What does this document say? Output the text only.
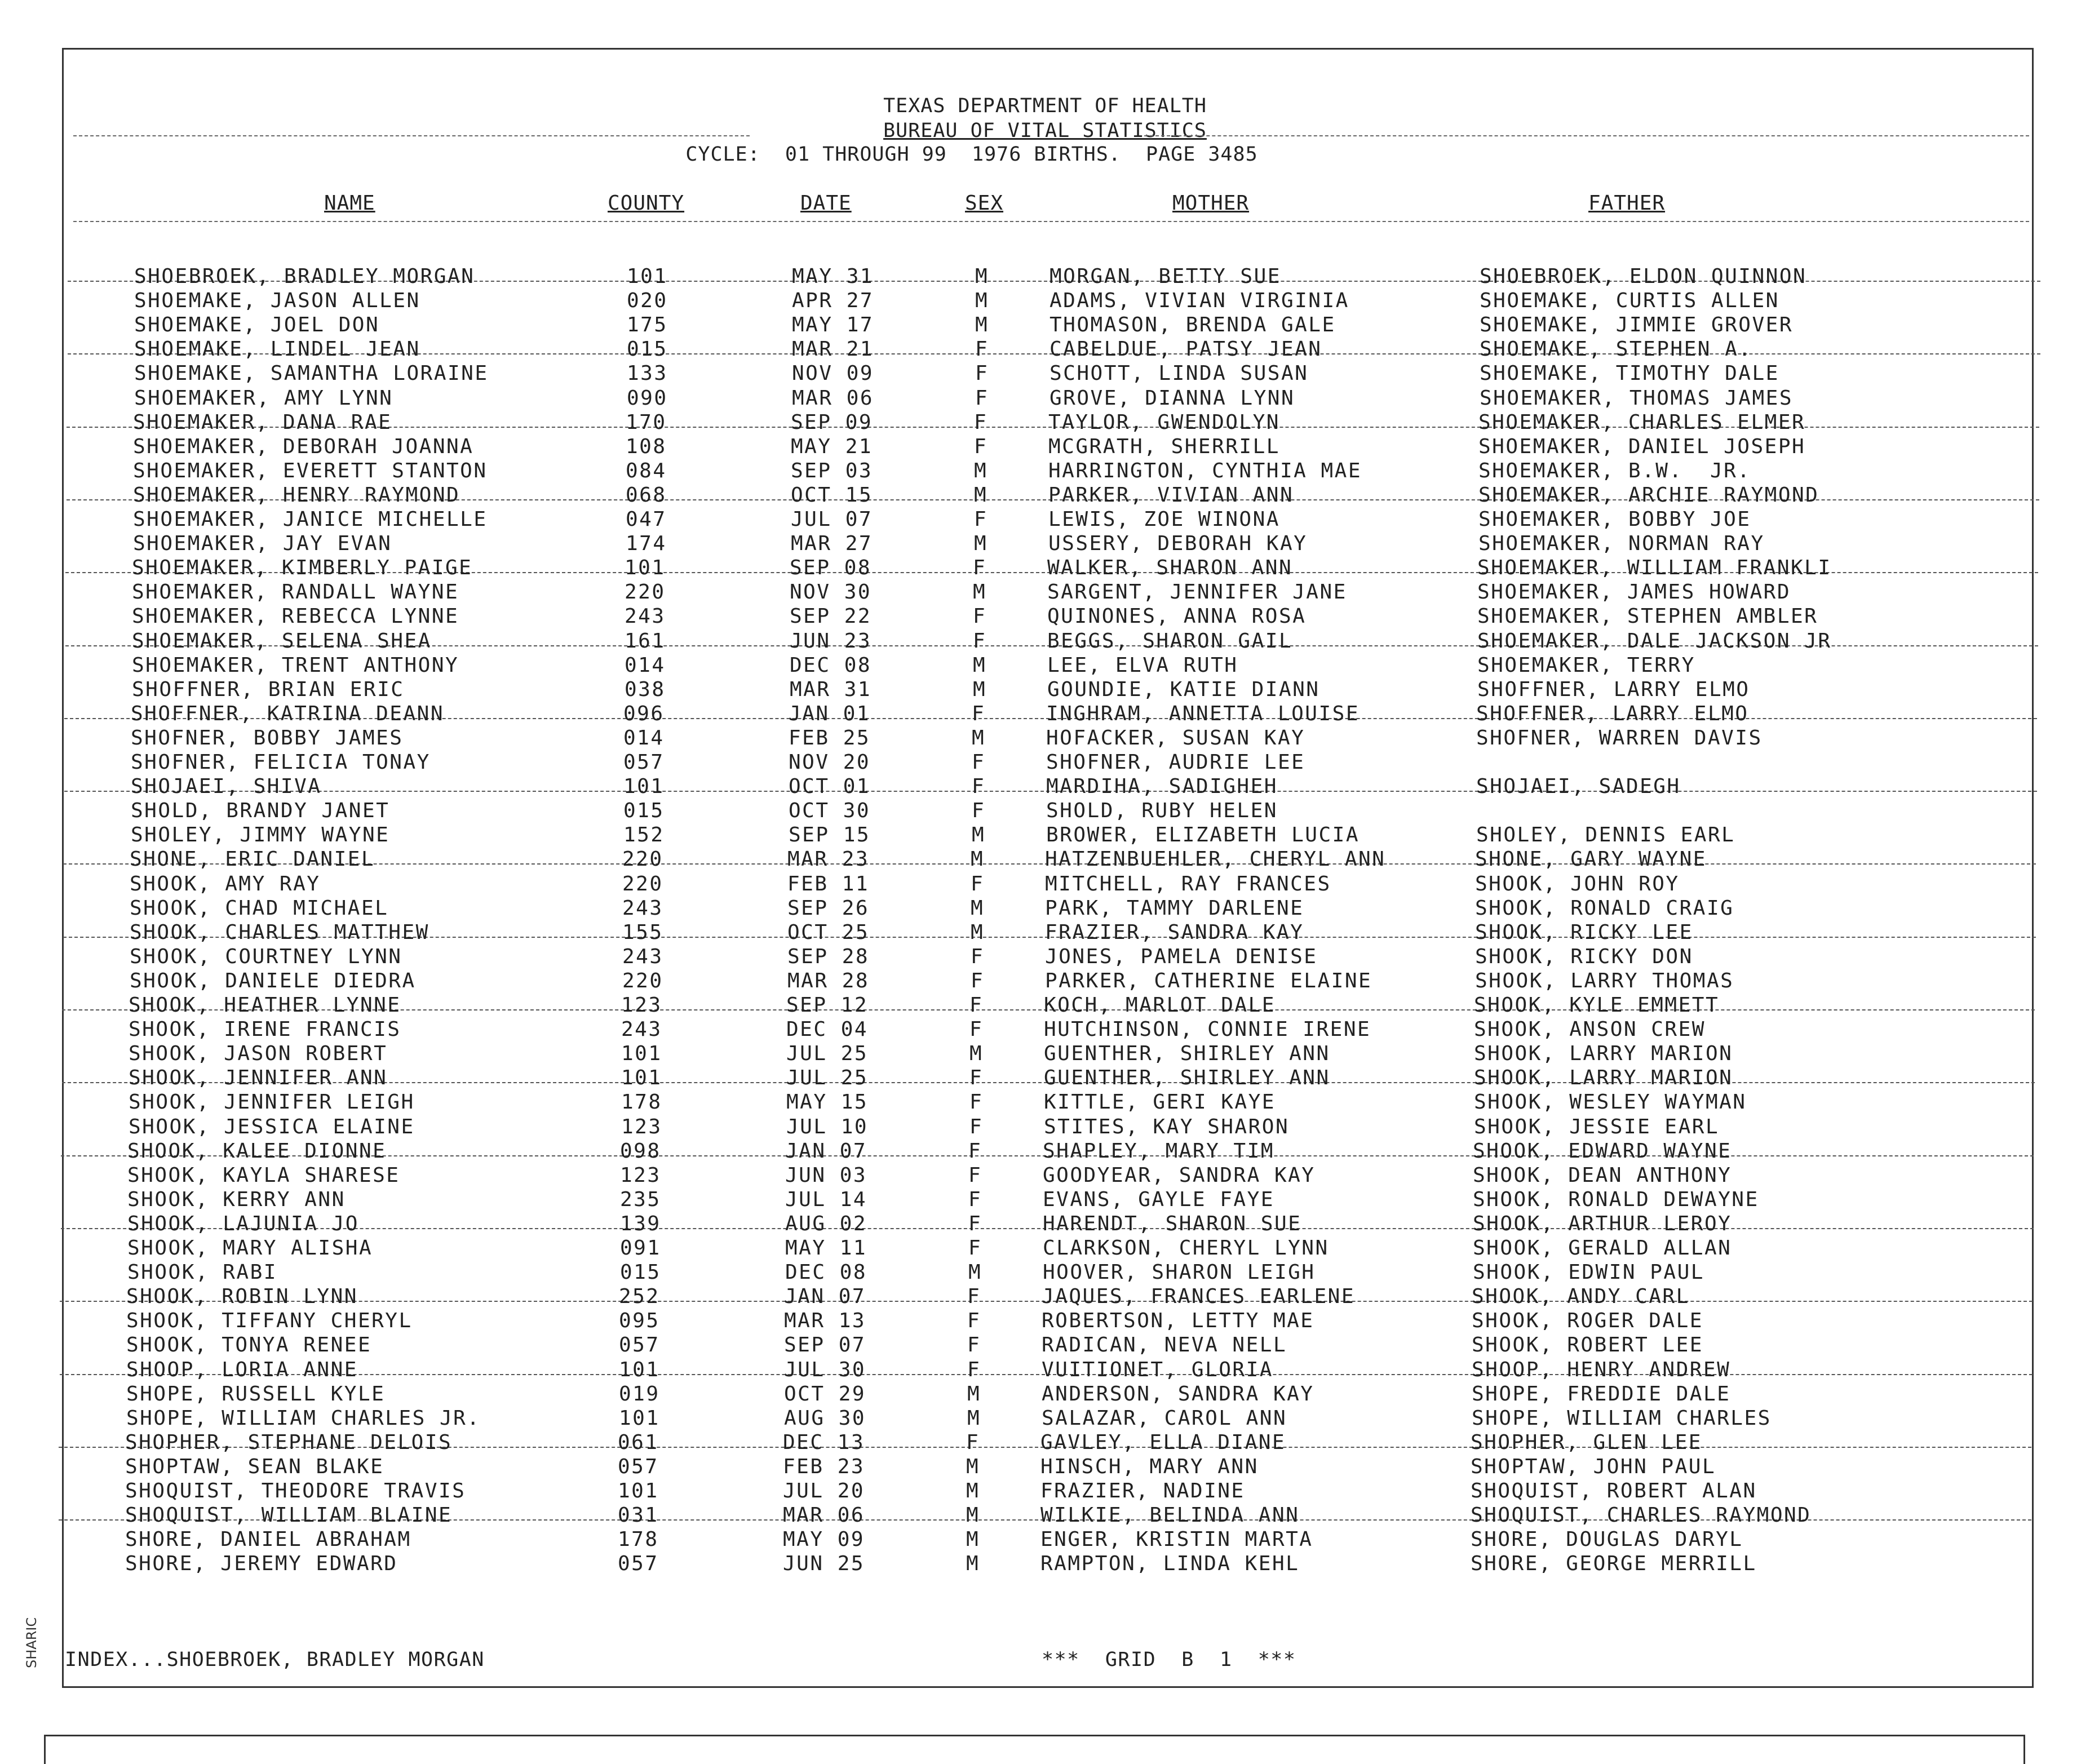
SHARIC
TEXAS DEPARTMENT OF HEALTH
BUREAU OF VITAL STATISTICS
CYCLE:  01 THROUGH 99  1976 BIRTHS.  PAGE 3485
NAME	COUNTY	DATE	SEX	MOTHER	FATHER
SHOEBROEK, BRADLEY MORGAN	101	MAY 31	M	MORGAN, BETTY SUE	SHOEBROEK, ELDON QUINNON
SHOEMAKE, JASON ALLEN	020	APR 27	M	ADAMS, VIVIAN VIRGINIA	SHOEMAKE, CURTIS ALLEN
SHOEMAKE, JOEL DON	175	MAY 17	M	THOMASON, BRENDA GALE	SHOEMAKE, JIMMIE GROVER
SHOEMAKE, LINDEL JEAN	015	MAR 21	F	CABELDUE, PATSY JEAN	SHOEMAKE, STEPHEN A.
SHOEMAKE, SAMANTHA LORAINE	133	NOV 09	F	SCHOTT, LINDA SUSAN	SHOEMAKE, TIMOTHY DALE
SHOEMAKER, AMY LYNN	090	MAR 06	F	GROVE, DIANNA LYNN	SHOEMAKER, THOMAS JAMES
SHOEMAKER, DANA RAE	170	SEP 09	F	TAYLOR, GWENDOLYN	SHOEMAKER, CHARLES ELMER
SHOEMAKER, DEBORAH JOANNA	108	MAY 21	F	MCGRATH, SHERRILL	SHOEMAKER, DANIEL JOSEPH
SHOEMAKER, EVERETT STANTON	084	SEP 03	M	HARRINGTON, CYNTHIA MAE	SHOEMAKER, B.W.  JR.
SHOEMAKER, HENRY RAYMOND	068	OCT 15	M	PARKER, VIVIAN ANN	SHOEMAKER, ARCHIE RAYMOND
SHOEMAKER, JANICE MICHELLE	047	JUL 07	F	LEWIS, ZOE WINONA	SHOEMAKER, BOBBY JOE
SHOEMAKER, JAY EVAN	174	MAR 27	M	USSERY, DEBORAH KAY	SHOEMAKER, NORMAN RAY
SHOEMAKER, KIMBERLY PAIGE	101	SEP 08	F	WALKER, SHARON ANN	SHOEMAKER, WILLIAM FRANKLI
SHOEMAKER, RANDALL WAYNE	220	NOV 30	M	SARGENT, JENNIFER JANE	SHOEMAKER, JAMES HOWARD
SHOEMAKER, REBECCA LYNNE	243	SEP 22	F	QUINONES, ANNA ROSA	SHOEMAKER, STEPHEN AMBLER
SHOEMAKER, SELENA SHEA	161	JUN 23	F	BEGGS, SHARON GAIL	SHOEMAKER, DALE JACKSON JR
SHOEMAKER, TRENT ANTHONY	014	DEC 08	M	LEE, ELVA RUTH	SHOEMAKER, TERRY
SHOFFNER, BRIAN ERIC	038	MAR 31	M	GOUNDIE, KATIE DIANN	SHOFFNER, LARRY ELMO
SHOFFNER, KATRINA DEANN	096	JAN 01	F	INGHRAM, ANNETTA LOUISE	SHOFFNER, LARRY ELMO
SHOFNER, BOBBY JAMES	014	FEB 25	M	HOFACKER, SUSAN KAY	SHOFNER, WARREN DAVIS
SHOFNER, FELICIA TONAY	057	NOV 20	F	SHOFNER, AUDRIE LEE
SHOJAEI, SHIVA	101	OCT 01	F	MARDIHA, SADIGHEH	SHOJAEI, SADEGH
SHOLD, BRANDY JANET	015	OCT 30	F	SHOLD, RUBY HELEN
SHOLEY, JIMMY WAYNE	152	SEP 15	M	BROWER, ELIZABETH LUCIA	SHOLEY, DENNIS EARL
SHONE, ERIC DANIEL	220	MAR 23	M	HATZENBUEHLER, CHERYL ANN	SHONE, GARY WAYNE
SHOOK, AMY RAY	220	FEB 11	F	MITCHELL, RAY FRANCES	SHOOK, JOHN ROY
SHOOK, CHAD MICHAEL	243	SEP 26	M	PARK, TAMMY DARLENE	SHOOK, RONALD CRAIG
SHOOK, CHARLES MATTHEW	155	OCT 25	M	FRAZIER, SANDRA KAY	SHOOK, RICKY LEE
SHOOK, COURTNEY LYNN	243	SEP 28	F	JONES, PAMELA DENISE	SHOOK, RICKY DON
SHOOK, DANIELE DIEDRA	220	MAR 28	F	PARKER, CATHERINE ELAINE	SHOOK, LARRY THOMAS
SHOOK, HEATHER LYNNE	123	SEP 12	F	KOCH, MARLOT DALE	SHOOK, KYLE EMMETT
SHOOK, IRENE FRANCIS	243	DEC 04	F	HUTCHINSON, CONNIE IRENE	SHOOK, ANSON CREW
SHOOK, JASON ROBERT	101	JUL 25	M	GUENTHER, SHIRLEY ANN	SHOOK, LARRY MARION
SHOOK, JENNIFER ANN	101	JUL 25	F	GUENTHER, SHIRLEY ANN	SHOOK, LARRY MARION
SHOOK, JENNIFER LEIGH	178	MAY 15	F	KITTLE, GERI KAYE	SHOOK, WESLEY WAYMAN
SHOOK, JESSICA ELAINE	123	JUL 10	F	STITES, KAY SHARON	SHOOK, JESSIE EARL
SHOOK, KALEE DIONNE	098	JAN 07	F	SHAPLEY, MARY TIM	SHOOK, EDWARD WAYNE
SHOOK, KAYLA SHARESE	123	JUN 03	F	GOODYEAR, SANDRA KAY	SHOOK, DEAN ANTHONY
SHOOK, KERRY ANN	235	JUL 14	F	EVANS, GAYLE FAYE	SHOOK, RONALD DEWAYNE
SHOOK, LAJUNIA JO	139	AUG 02	F	HARENDT, SHARON SUE	SHOOK, ARTHUR LEROY
SHOOK, MARY ALISHA	091	MAY 11	F	CLARKSON, CHERYL LYNN	SHOOK, GERALD ALLAN
SHOOK, RABI	015	DEC 08	M	HOOVER, SHARON LEIGH	SHOOK, EDWIN PAUL
SHOOK, ROBIN LYNN	252	JAN 07	F	JAQUES, FRANCES EARLENE	SHOOK, ANDY CARL
SHOOK, TIFFANY CHERYL	095	MAR 13	F	ROBERTSON, LETTY MAE	SHOOK, ROGER DALE
SHOOK, TONYA RENEE	057	SEP 07	F	RADICAN, NEVA NELL	SHOOK, ROBERT LEE
SHOOP, LORIA ANNE	101	JUL 30	F	VUITIONET, GLORIA	SHOOP, HENRY ANDREW
SHOPE, RUSSELL KYLE	019	OCT 29	M	ANDERSON, SANDRA KAY	SHOPE, FREDDIE DALE
SHOPE, WILLIAM CHARLES JR.	101	AUG 30	M	SALAZAR, CAROL ANN	SHOPE, WILLIAM CHARLES
SHOPHER, STEPHANE DELOIS	061	DEC 13	F	GAVLEY, ELLA DIANE	SHOPHER, GLEN LEE
SHOPTAW, SEAN BLAKE	057	FEB 23	M	HINSCH, MARY ANN	SHOPTAW, JOHN PAUL
SHOQUIST, THEODORE TRAVIS	101	JUL 20	M	FRAZIER, NADINE	SHOQUIST, ROBERT ALAN
SHOQUIST, WILLIAM BLAINE	031	MAR 06	M	WILKIE, BELINDA ANN	SHOQUIST, CHARLES RAYMOND
SHORE, DANIEL ABRAHAM	178	MAY 09	M	ENGER, KRISTIN MARTA	SHORE, DOUGLAS DARYL
SHORE, JEREMY EDWARD	057	JUN 25	M	RAMPTON, LINDA KEHL	SHORE, GEORGE MERRILL
INDEX...SHOEBROEK, BRADLEY MORGAN	***  GRID  B  1  ***
